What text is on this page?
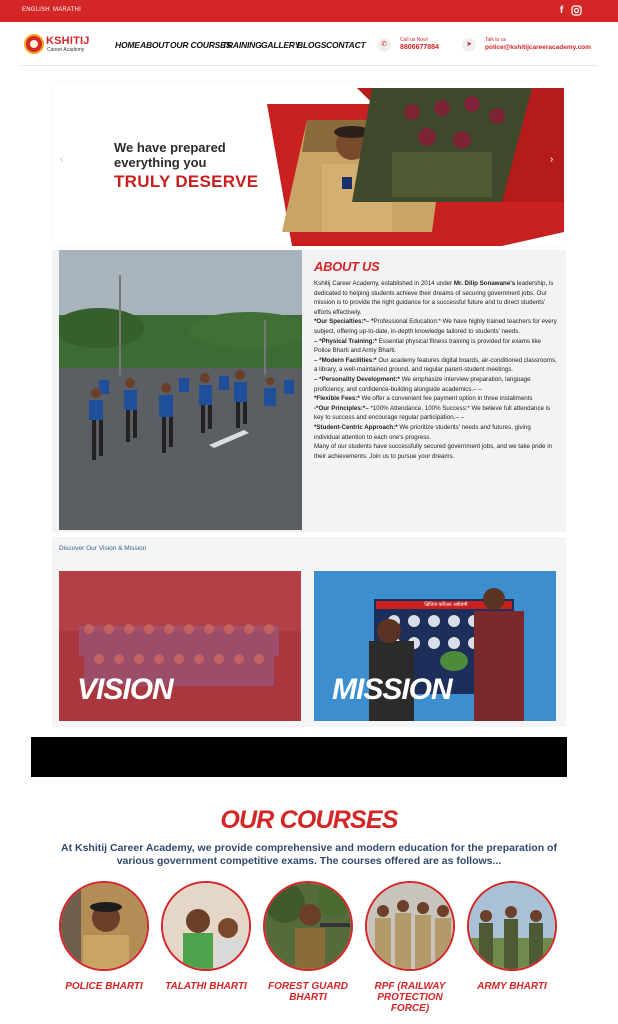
ENGLISH MARATHI	f
KSHITIJ
Career Academy	HOME ABOUT OUR COURSES
TRAINING GALLERY
BLOGS CONTACT	✆
Call us Now!
8806677884	➤
Talk to us
police@kshitijcareeracademy.com
‹	›
We have prepared
everything you
TRULY DESERVE
ABOUT US

Kshitij Career Academy, established in 2014 under Mr. Dilip Sonawane's leadership, is dedicated to helping students achieve their dreams of securing government jobs. Our mission is to provide the right guidance for a successful future and to direct students' efforts effectively.

*Our Specialties:*– *Professional Education:* We have highly trained teachers for every subject, offering up-to-date, in-depth knowledge tailored to students' needs.

– *Physical Training:* Essential physical fitness training is provided for exams like Police Bharti and Army Bharti.

– *Modern Facilities:* Our academy features digital boards, air-conditioned classrooms, a library, a well-maintained ground, and regular parent-student meetings.

– *Personality Development:* We emphasize interview preparation, language proficiency, and confidence-building alongside academics.– –

*Flexible Fees:* We offer a convenient fee payment option in three installments

-*Our Principles:*– *100% Attendance, 100% Success:* We believe full attendance is key to success and encourage regular participation.– –

*Student-Centric Approach:* We prioritize students' needs and futures, giving individual attention to each one's progress.

Many of our students have successfully secured government jobs, and we take pride in their achievements. Join us to pursue your dreams.

Discover Our Vision & Mission
VISION
क्षितिज करिअर अकॅडमी
MISSION
OUR COURSES
At Kshitij Career Academy, we provide comprehensive and modern education for the preparation of various government competitive exams. The courses offered are as follows...
POLICE BHARTI	TALATHI BHARTI	FOREST GUARD BHARTI
RPF (RAILWAY PROTECTION FORCE)
ARMY BHARTI
